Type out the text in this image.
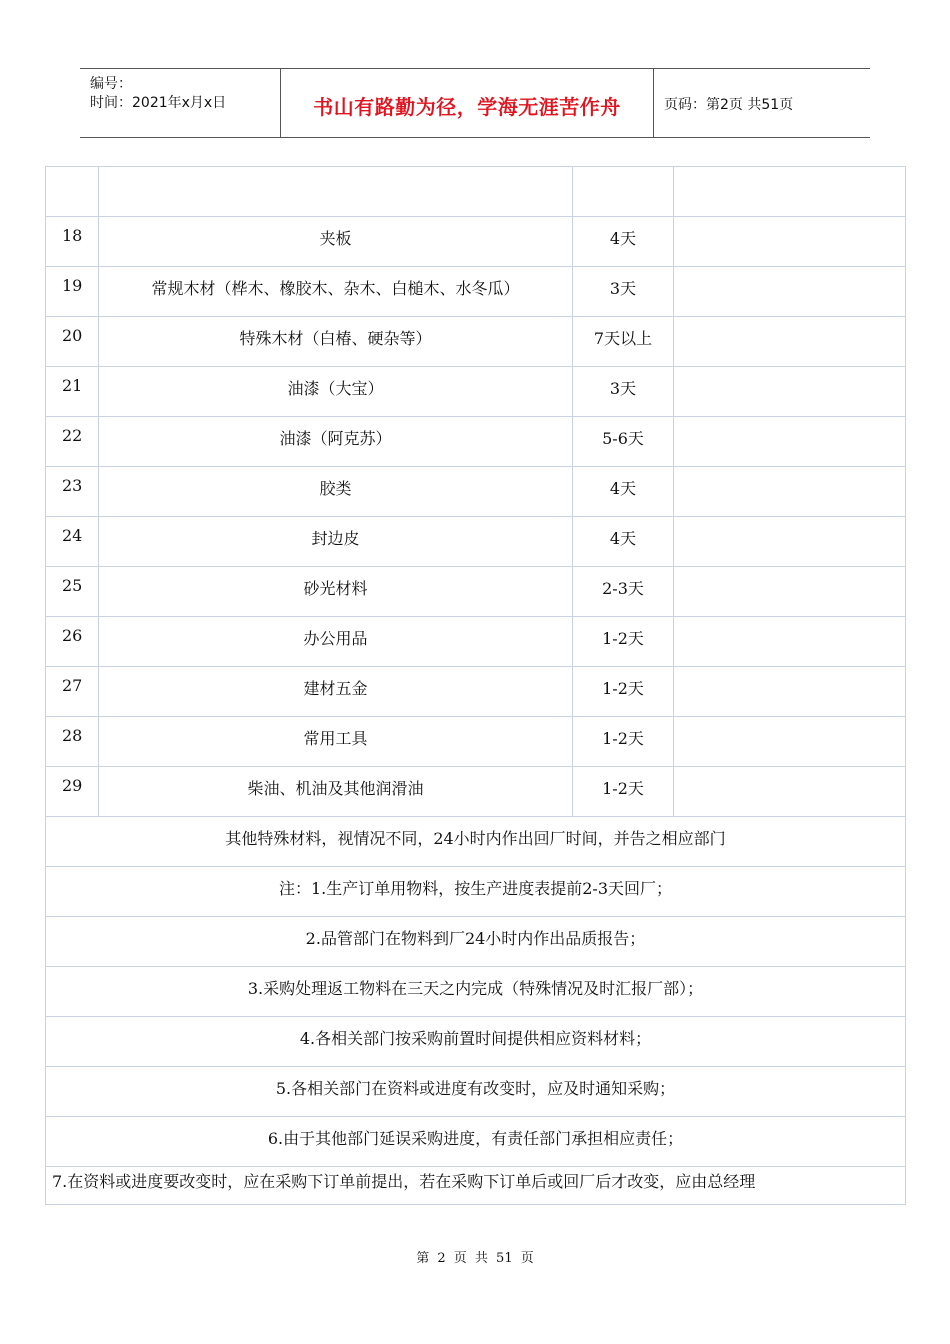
编号：
时间：2021年x月x日	书山有路勤为径，学海无涯苦作舟	页码：第2页 共51页

18	夹板	4天	

19	常规木材（桦木、橡胶木、杂木、白槌木、水冬瓜）	3天	

20	特殊木材（白椿、硬杂等）	7天以上	

21	油漆（大宝）	3天	

22	油漆（阿克苏）	5-6天	

23	胶类	4天	

24	封边皮	4天	

25	砂光材料	2-3天	

26	办公用品	1-2天	

27	建材五金	1-2天	

28	常用工具	1-2天	

29	柴油、机油及其他润滑油	1-2天	

其他特殊材料，视情况不同，24小时内作出回厂时间，并告之相应部门			

注：1.生产订单用物料，按生产进度表提前2-3天回厂；			

2.品管部门在物料到厂24小时内作出品质报告；			

3.采购处理返工物料在三天之内完成（特殊情况及时汇报厂部）；			

4.各相关部门按采购前置时间提供相应资料材料；			

5.各相关部门在资料或进度有改变时，应及时通知采购；			

6.由于其他部门延误采购进度，有责任部门承担相应责任；			

7.在资料或进度要改变时，应在采购下订单前提出，若在采购下订单后或回厂后才改变，应由总经理			
第 2 页 共 51 页
